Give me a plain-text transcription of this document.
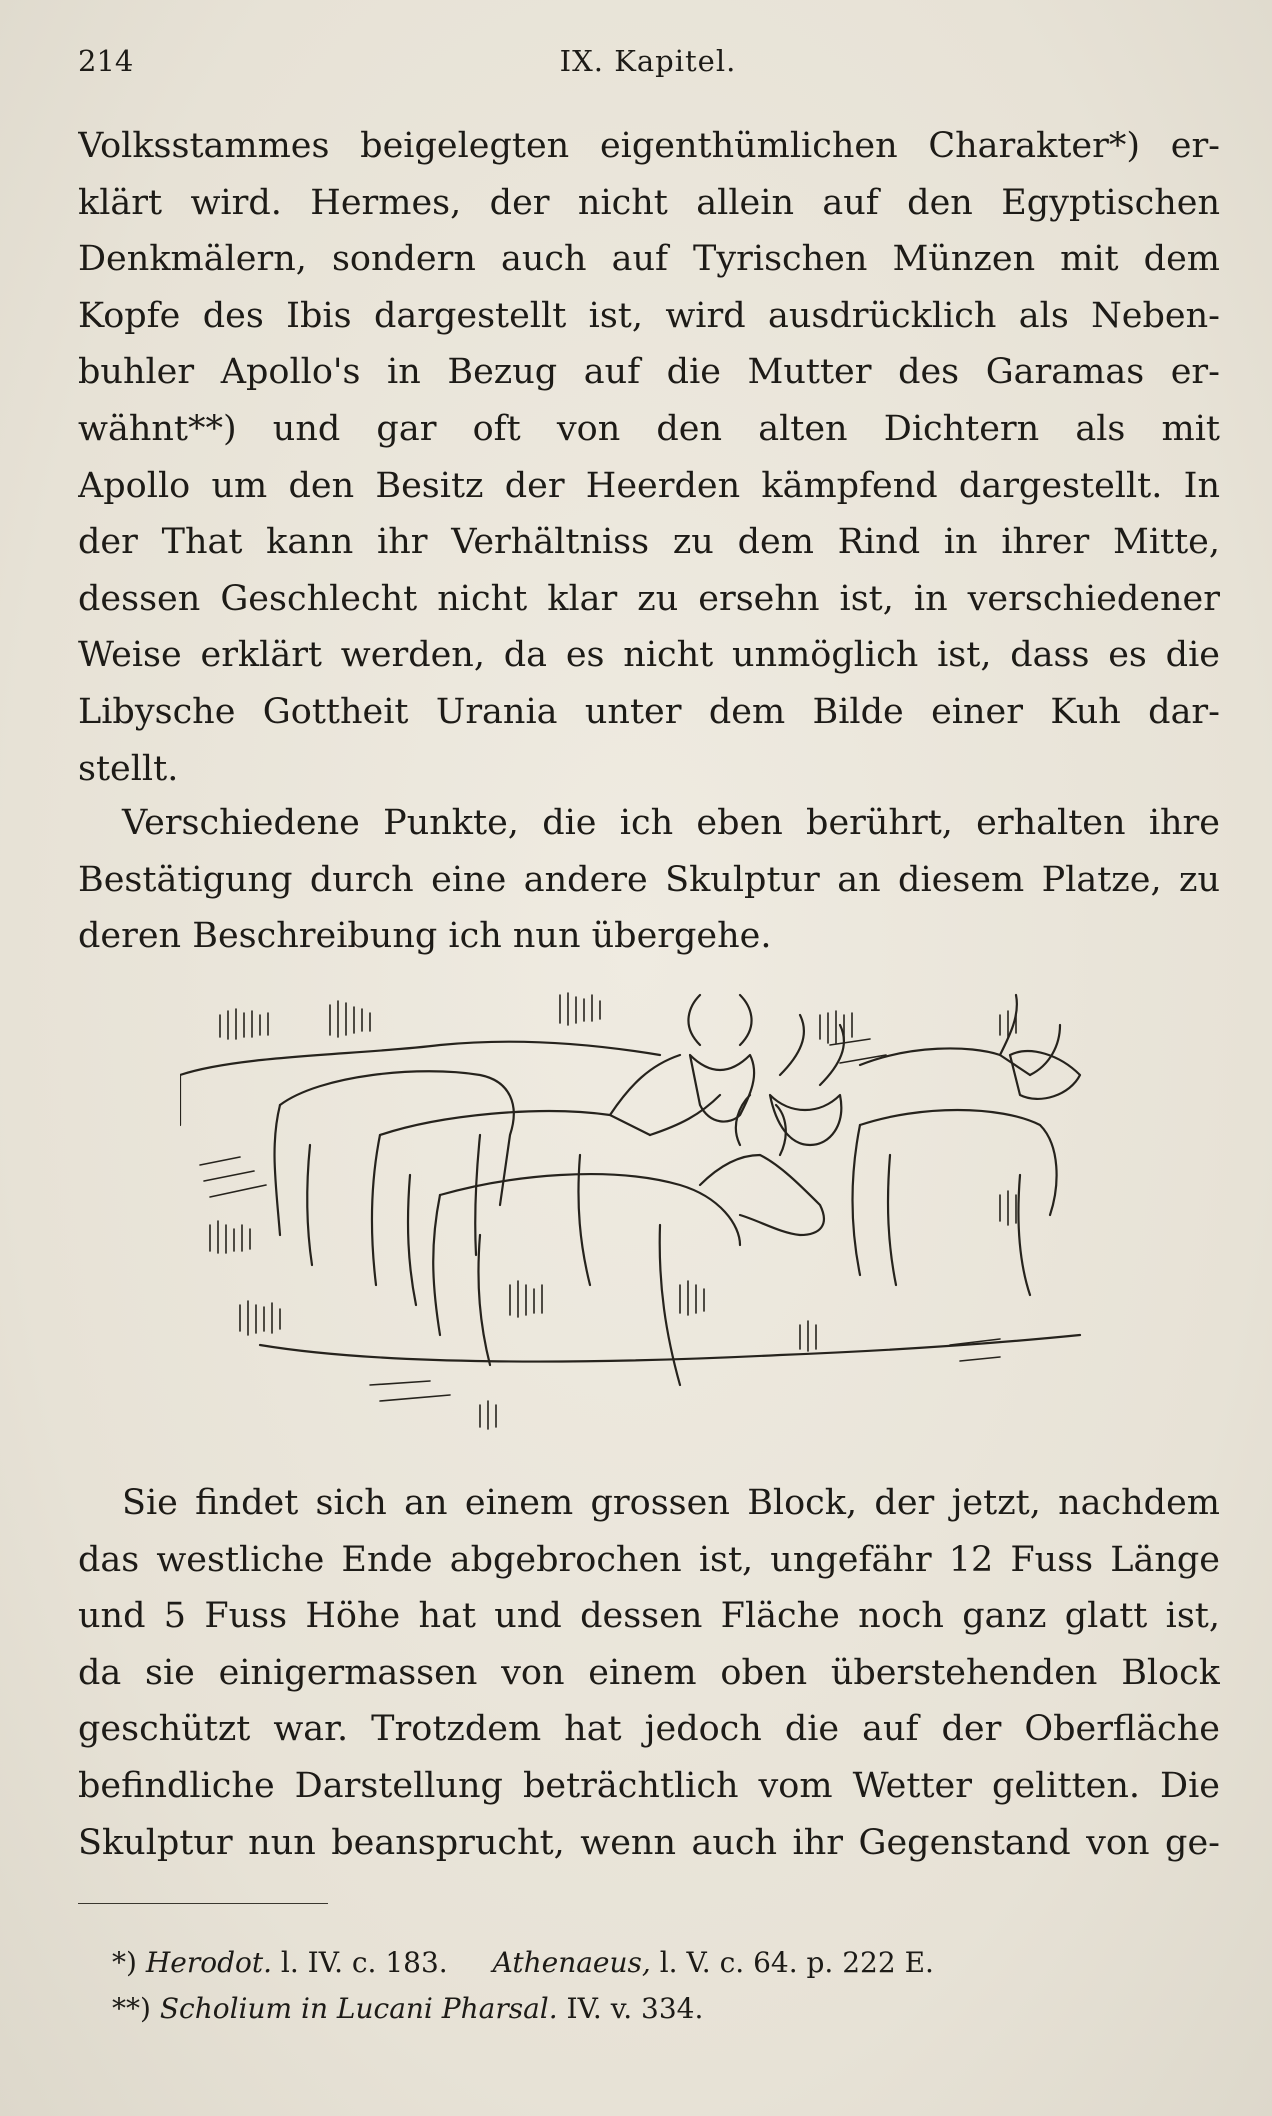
214	IX. Kapitel.
Volksstammes beigelegten eigenthümlichen Charakter*) er-
klärt wird. Hermes, der nicht allein auf den Egyptischen
Denkmälern, sondern auch auf Tyrischen Münzen mit dem
Kopfe des Ibis dargestellt ist, wird ausdrücklich als Neben-
buhler Apollo's in Bezug auf die Mutter des Garamas er-
wähnt**) und gar oft von den alten Dichtern als mit
Apollo um den Besitz der Heerden kämpfend dargestellt. In
der That kann ihr Verhältniss zu dem Rind in ihrer Mitte,
dessen Geschlecht nicht klar zu ersehn ist, in verschiedener
Weise erklärt werden, da es nicht unmöglich ist, dass es die
Libysche Gottheit Urania unter dem Bilde einer Kuh dar-
stellt.
Verschiedene Punkte, die ich eben berührt, erhalten ihre
Bestätigung durch eine andere Skulptur an diesem Platze, zu
deren Beschreibung ich nun übergehe.
Sie findet sich an einem grossen Block, der jetzt, nachdem
das westliche Ende abgebrochen ist, ungefähr 12 Fuss Länge
und 5 Fuss Höhe hat und dessen Fläche noch ganz glatt ist,
da sie einigermassen von einem oben überstehenden Block
geschützt war. Trotzdem hat jedoch die auf der Oberfläche
befindliche Darstellung beträchtlich vom Wetter gelitten. Die
Skulptur nun beansprucht, wenn auch ihr Gegenstand von ge-
*) Herodot. l. IV. c. 183. Athenaeus, l. V. c. 64. p. 222 E.
**) Scholium in Lucani Pharsal. IV. v. 334.
